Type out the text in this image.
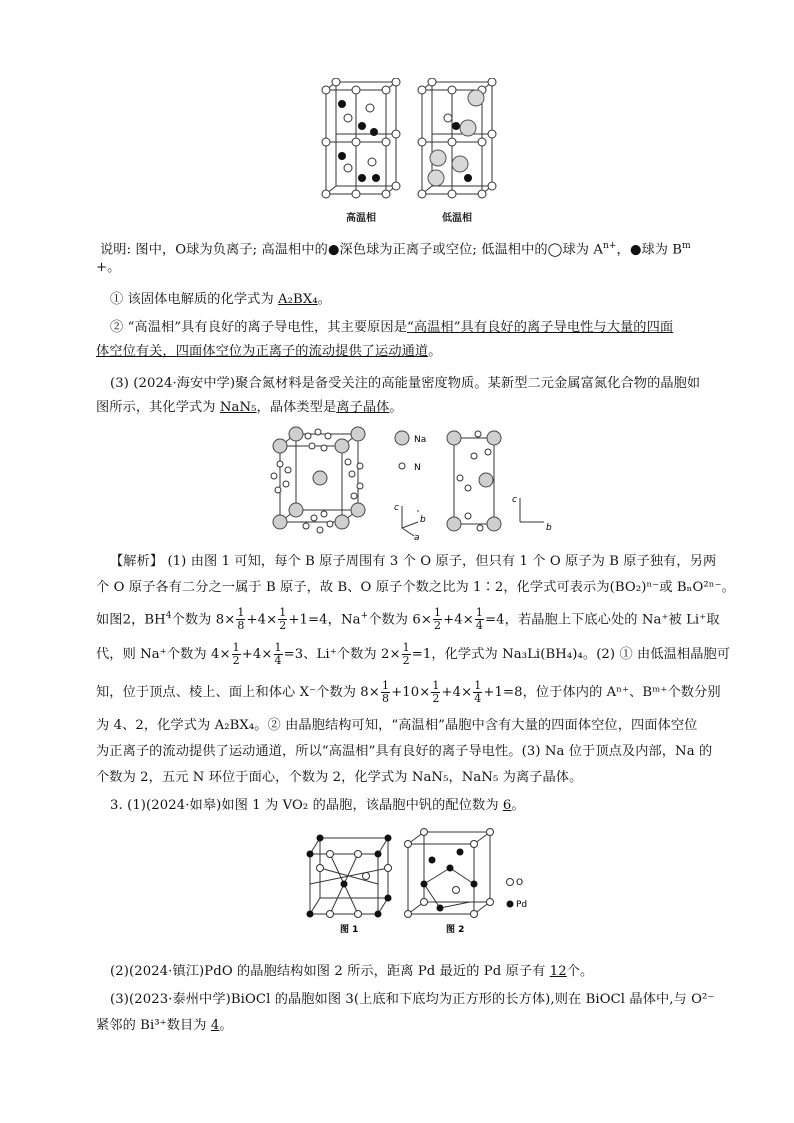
高温相	低温相
说明: 图中，O球为负离子; 高温相中的●深色球为正离子或空位; 低温相中的◯球为 $A^{n+}$，●球为 $B^m$
+。
① 该固体电解质的化学式为 A₂BX₄。
② “高温相”具有良好的离子导电性，其主要原因是“高温相”具有良好的离子导电性与大量的四面
体空位有关，四面体空位为正离子的流动提供了运动通道。
(3) (2024·海安中学)聚合氮材料是备受关注的高能量密度物质。某新型二元金属富氮化合物的晶胞如
图所示，其化学式为 NaN₅，晶体类型是离子晶体。
Na
N
c
b
a
c
b
【解析】 (1) 由图 1 可知，每个 B 原子周围有 3 个 O 原子，但只有 1 个 O 原子为 B 原子独有，另两
个 O 原子各有二分之一属于 B 原子，故 B、O 原子个数之比为 1∶2，化学式可表示为(BO₂)ⁿ⁻或 BₙO²ⁿ⁻。
如图2，$BH^4$个数为 $8\times \frac{1}{8} +4\times \frac{1}{2} +1=4$，Na+个数为 $6\times \frac{1}{2} +4\times \frac{1}{4} =4$，若晶胞上下底心处的 Na⁺被 Li⁺取
代，则 Na⁺个数为 $4\times \frac{1}{2} +4\times \frac{1}{4} =3$、Li⁺个数为 $2\times \frac{1}{2} =1$，化学式为 Na₃Li(BH₄)₄。(2) ① 由低温相晶胞可
知，位于顶点、棱上、面上和体心 X⁻个数为 $8\times \frac{1}{8} +10\times \frac{1}{2} +4\times \frac{1}{4} +1=8$，位于体内的 Aⁿ⁺、Bᵐ⁺个数分别
为 4、2，化学式为 A₂BX₄。② 由晶胞结构可知，“高温相”晶胞中含有大量的四面体空位，四面体空位
为正离子的流动提供了运动通道，所以“高温相”具有良好的离子导电性。(3) Na 位于顶点及内部，Na 的
个数为 2，五元 N 环位于面心，个数为 2，化学式为 NaN₅，NaN₅ 为离子晶体。
3. (1)(2024·如皋)如图 1 为 VO₂ 的晶胞，该晶胞中钒的配位数为 6。
O
Pd
图 1	图 2
(2)(2024·镇江)PdO 的晶胞结构如图 2 所示，距离 Pd 最近的 Pd 原子有 12个。
(3)(2023·泰州中学)BiOCl 的晶胞如图 3(上底和下底均为正方形的长方体),则在 BiOCl 晶体中,与 O²⁻
紧邻的 Bi³⁺数目为 4。
